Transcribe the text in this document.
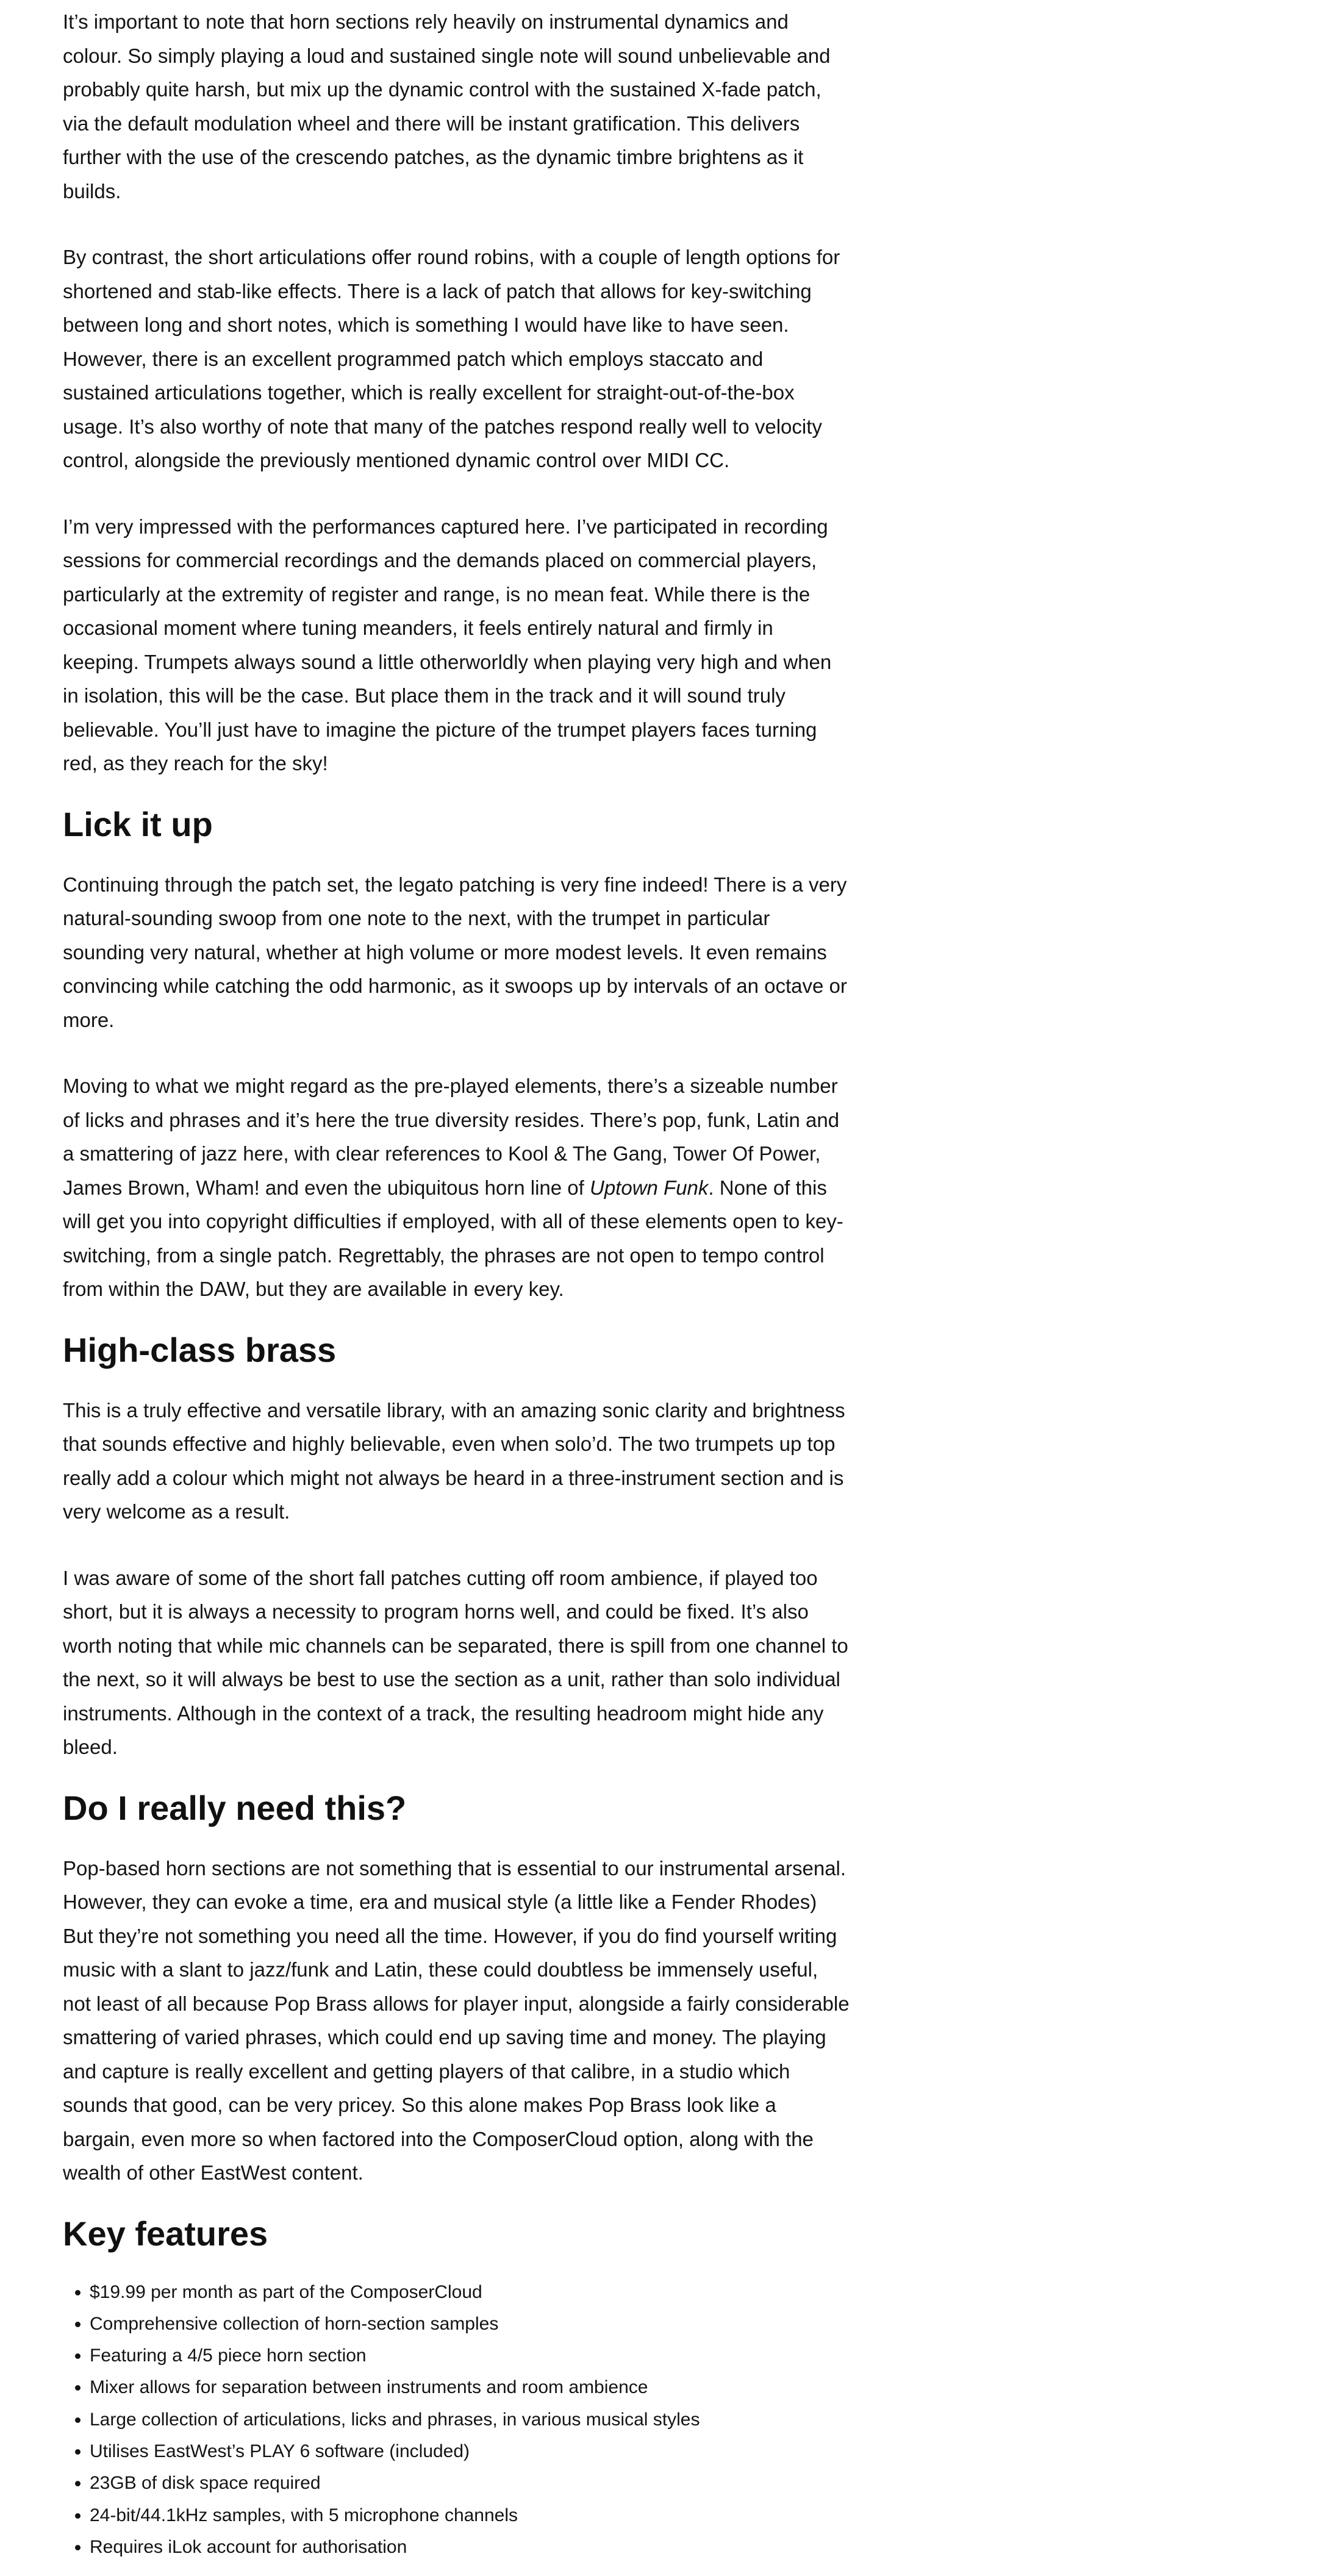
It’s important to note that horn sections rely heavily on instrumental dynamics and colour. So simply playing a loud and sustained single note will sound unbelievable and probably quite harsh, but mix up the dynamic control with the sustained X-fade patch, via the default modulation wheel and there will be instant gratification. This delivers further with the use of the crescendo patches, as the dynamic timbre brightens as it builds.

By contrast, the short articulations offer round robins, with a couple of length options for shortened and stab-like effects. There is a lack of patch that allows for key-switching between long and short notes, which is something I would have like to have seen. However, there is an excellent programmed patch which employs staccato and sustained articulations together, which is really excellent for straight-out-of-the-box usage. It’s also worthy of note that many of the patches respond really well to velocity control, alongside the previously mentioned dynamic control over MIDI CC.

I’m very impressed with the performances captured here. I’ve participated in recording sessions for commercial recordings and the demands placed on commercial players, particularly at the extremity of register and range, is no mean feat. While there is the occasional moment where tuning meanders, it feels entirely natural and firmly in keeping. Trumpets always sound a little otherworldly when playing very high and when in isolation, this will be the case. But place them in the track and it will sound truly believable. You’ll just have to imagine the picture of the trumpet players faces turning red, as they reach for the sky!

Lick it up

Continuing through the patch set, the legato patching is very fine indeed! There is a very natural-sounding swoop from one note to the next, with the trumpet in particular sounding very natural, whether at high volume or more modest levels. It even remains convincing while catching the odd harmonic, as it swoops up by intervals of an octave or more.

Moving to what we might regard as the pre-played elements, there’s a sizeable number of licks and phrases and it’s here the true diversity resides. There’s pop, funk, Latin and a smattering of jazz here, with clear references to Kool & The Gang, Tower Of Power, James Brown, Wham! and even the ubiquitous horn line of Uptown Funk. None of this will get you into copyright difficulties if employed, with all of these elements open to key-switching, from a single patch. Regrettably, the phrases are not open to tempo control from within the DAW, but they are available in every key.

High-class brass

This is a truly effective and versatile library, with an amazing sonic clarity and brightness that sounds effective and highly believable, even when solo’d. The two trumpets up top really add a colour which might not always be heard in a three-instrument section and is very welcome as a result.

I was aware of some of the short fall patches cutting off room ambience, if played too short, but it is always a necessity to program horns well, and could be fixed. It’s also worth noting that while mic channels can be separated, there is spill from one channel to the next, so it will always be best to use the section as a unit, rather than solo individual instruments. Although in the context of a track, the resulting headroom might hide any bleed.

Do I really need this?

Pop-based horn sections are not something that is essential to our instrumental arsenal. However, they can evoke a time, era and musical style (a little like a Fender Rhodes) But they’re not something you need all the time. However, if you do find yourself writing music with a slant to jazz/funk and Latin, these could doubtless be immensely useful, not least of all because Pop Brass allows for player input, alongside a fairly considerable smattering of varied phrases, which could end up saving time and money. The playing and capture is really excellent and getting players of that calibre, in a studio which sounds that good, can be very pricey. So this alone makes Pop Brass look like a bargain, even more so when factored into the ComposerCloud option, along with the wealth of other EastWest content.

Key features
• $19.99 per month as part of the ComposerCloud
• Comprehensive collection of horn-section samples
• Featuring a 4/5 piece horn section
• Mixer allows for separation between instruments and room ambience
• Large collection of articulations, licks and phrases, in various musical styles
• Utilises EastWest’s PLAY 6 software (included)
• 23GB of disk space required
• 24-bit/44.1kHz samples, with 5 microphone channels
• Requires iLok account for authorisation
